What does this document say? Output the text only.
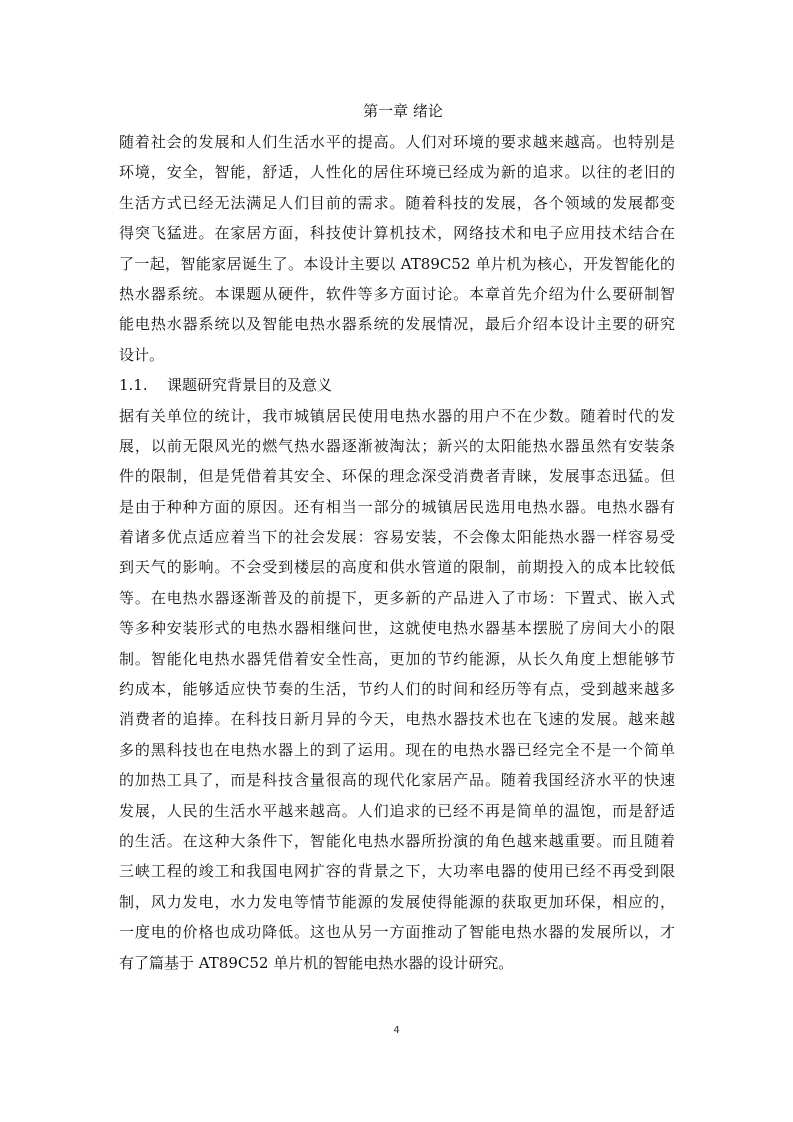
第一章 绪论

随着社会的发展和人们生活水平的提高。人们对环境的要求越来越高。也特别是
环境，安全，智能，舒适，人性化的居住环境已经成为新的追求。以往的老旧的
生活方式已经无法满足人们目前的需求。随着科技的发展，各个领域的发展都变
得突飞猛进。在家居方面，科技使计算机技术，网络技术和电子应用技术结合在
了一起，智能家居诞生了。本设计主要以 AT89C52 单片机为核心，开发智能化的
热水器系统。本课题从硬件，软件等多方面讨论。本章首先介绍为什么要研制智
能电热水器系统以及智能电热水器系统的发展情况，最后介绍本设计主要的研究
设计。

1.1. 课题研究背景目的及意义

据有关单位的统计，我市城镇居民使用电热水器的用户不在少数。随着时代的发
展，以前无限风光的燃气热水器逐渐被淘汰；新兴的太阳能热水器虽然有安装条
件的限制，但是凭借着其安全、环保的理念深受消费者青睐，发展事态迅猛。但
是由于种种方面的原因。还有相当一部分的城镇居民选用电热水器。电热水器有
着诸多优点适应着当下的社会发展：容易安装，不会像太阳能热水器一样容易受
到天气的影响。不会受到楼层的高度和供水管道的限制，前期投入的成本比较低
等。在电热水器逐渐普及的前提下，更多新的产品进入了市场：下置式、嵌入式
等多种安装形式的电热水器相继问世，这就使电热水器基本摆脱了房间大小的限
制。智能化电热水器凭借着安全性高，更加的节约能源，从长久角度上想能够节
约成本，能够适应快节奏的生活，节约人们的时间和经历等有点，受到越来越多
消费者的追捧。在科技日新月异的今天，电热水器技术也在飞速的发展。越来越
多的黑科技也在电热水器上的到了运用。现在的电热水器已经完全不是一个简单
的加热工具了，而是科技含量很高的现代化家居产品。随着我国经济水平的快速
发展，人民的生活水平越来越高。人们追求的已经不再是简单的温饱，而是舒适
的生活。在这种大条件下，智能化电热水器所扮演的角色越来越重要。而且随着
三峡工程的竣工和我国电网扩容的背景之下，大功率电器的使用已经不再受到限
制，风力发电，水力发电等情节能源的发展使得能源的获取更加环保，相应的，
一度电的价格也成功降低。这也从另一方面推动了智能电热水器的发展所以，才
有了篇基于 AT89C52 单片机的智能电热水器的设计研究。

4
